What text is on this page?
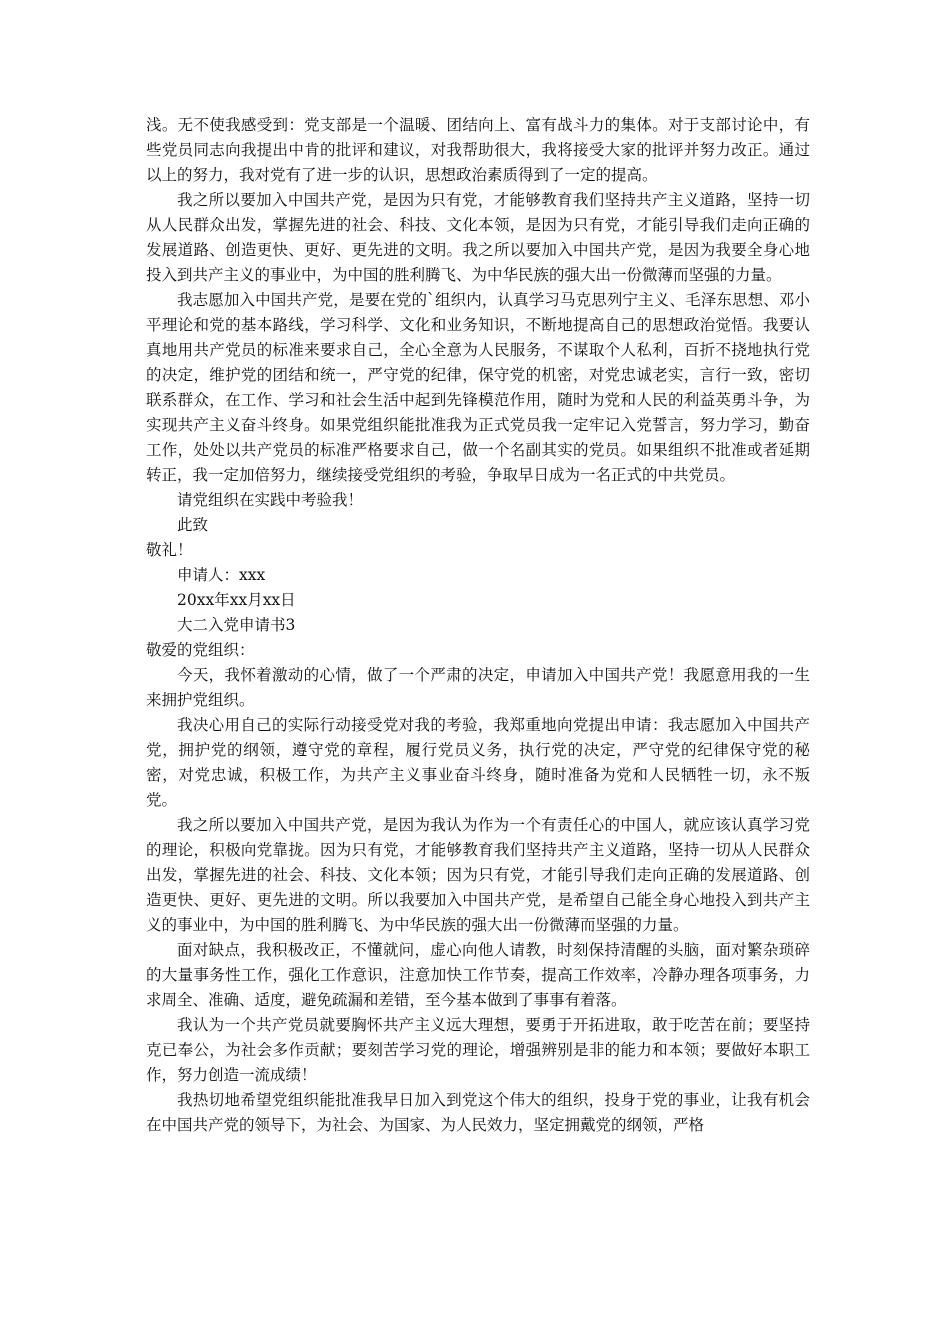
浅。无不使我感受到：党支部是一个温暖、团结向上、富有战斗力的集体。对于支部讨论中，有些党员同志向我提出中肯的批评和建议，对我帮助很大，我将接受大家的批评并努力改正。通过以上的努力，我对党有了进一步的认识，思想政治素质得到了一定的提高。

我之所以要加入中国共产党，是因为只有党，才能够教育我们坚持共产主义道路，坚持一切从人民群众出发，掌握先进的社会、科技、文化本领，是因为只有党，才能引导我们走向正确的发展道路、创造更快、更好、更先进的文明。我之所以要加入中国共产党，是因为我要全身心地投入到共产主义的事业中，为中国的胜利腾飞、为中华民族的强大出一份微薄而坚强的力量。

我志愿加入中国共产党，是要在党的`组织内，认真学习马克思列宁主义、毛泽东思想、邓小平理论和党的基本路线，学习科学、文化和业务知识，不断地提高自己的思想政治觉悟。我要认真地用共产党员的标准来要求自己，全心全意为人民服务，不谋取个人私利，百折不挠地执行党的决定，维护党的团结和统一，严守党的纪律，保守党的机密，对党忠诚老实，言行一致，密切联系群众，在工作、学习和社会生活中起到先锋模范作用，随时为党和人民的利益英勇斗争，为实现共产主义奋斗终身。如果党组织能批准我为正式党员我一定牢记入党誓言，努力学习，勤奋工作，处处以共产党员的标准严格要求自己，做一个名副其实的党员。如果组织不批准或者延期转正，我一定加倍努力，继续接受党组织的考验，争取早日成为一名正式的中共党员。

请党组织在实践中考验我！

此致

敬礼！

申请人：xxx

20xx年xx月xx日

大二入党申请书3

敬爱的党组织：

今天，我怀着激动的心情，做了一个严肃的决定，申请加入中国共产党！我愿意用我的一生来拥护党组织。

我决心用自己的实际行动接受党对我的考验，我郑重地向党提出申请：我志愿加入中国共产党，拥护党的纲领，遵守党的章程，履行党员义务，执行党的决定，严守党的纪律保守党的秘密，对党忠诚，积极工作，为共产主义事业奋斗终身，随时准备为党和人民牺牲一切，永不叛党。

我之所以要加入中国共产党，是因为我认为作为一个有责任心的中国人，就应该认真学习党的理论，积极向党靠拢。因为只有党，才能够教育我们坚持共产主义道路，坚持一切从人民群众出发，掌握先进的社会、科技、文化本领；因为只有党，才能引导我们走向正确的发展道路、创造更快、更好、更先进的文明。所以我要加入中国共产党，是希望自己能全身心地投入到共产主义的事业中，为中国的胜利腾飞、为中华民族的强大出一份微薄而坚强的力量。

面对缺点，我积极改正，不懂就问，虚心向他人请教，时刻保持清醒的头脑，面对繁杂琐碎的大量事务性工作，强化工作意识，注意加快工作节奏，提高工作效率，冷静办理各项事务，力求周全、准确、适度，避免疏漏和差错，至今基本做到了事事有着落。

我认为一个共产党员就要胸怀共产主义远大理想，要勇于开拓进取，敢于吃苦在前；要坚持克已奉公，为社会多作贡献；要刻苦学习党的理论，增强辨别是非的能力和本领；要做好本职工作，努力创造一流成绩！

我热切地希望党组织能批准我早日加入到党这个伟大的组织，投身于党的事业，让我有机会在中国共产党的领导下，为社会、为国家、为人民效力，坚定拥戴党的纲领，严格
